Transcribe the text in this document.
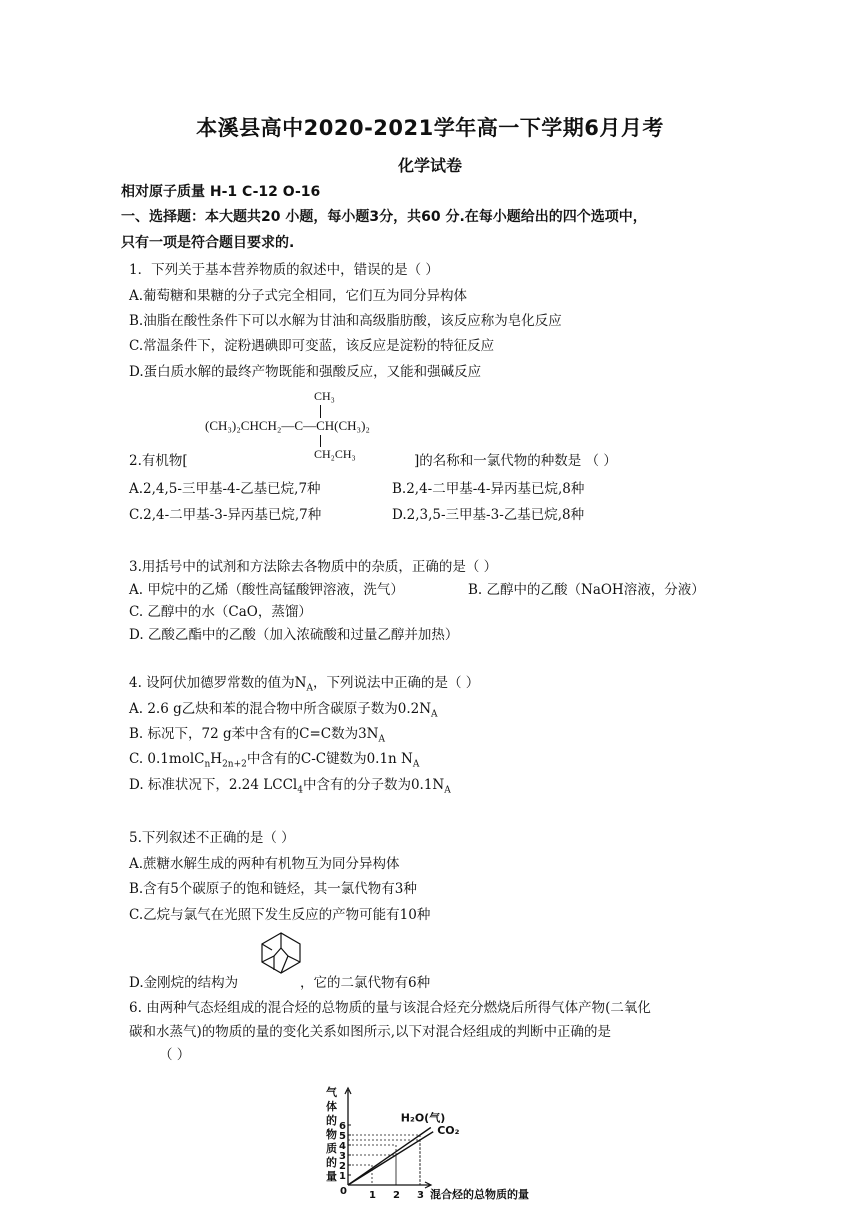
本溪县高中2020-2021学年高一下学期6月月考
化学试卷
相对原子质量 H-1 C-12 O-16
一、选择题：本大题共20 小题，每小题3分，共60 分.在每小题给出的四个选项中，
只有一项是符合题目要求的.
1．下列关于基本营养物质的叙述中，错误的是（ ）
A.葡萄糖和果糖的分子式完全相同，它们互为同分异构体
B.油脂在酸性条件下可以水解为甘油和高级脂肪酸，该反应称为皂化反应
C.常温条件下，淀粉遇碘即可变蓝，该反应是淀粉的特征反应
D.蛋白质水解的最终产物既能和强酸反应，又能和强碱反应
CH₃
(CH₃)₂CHCH₂—C—CH(CH₃)₂
CH₂CH₃
2.有机物[	]的名称和一氯代物的种数是 （ ）
A.2,4,5-三甲基-4-乙基已烷,7种	B.2,4-二甲基-4-异丙基已烷,8种
C.2,4-二甲基-3-异丙基已烷,7种	D.2,3,5-三甲基-3-乙基已烷,8种
3.用括号中的试剂和方法除去各物质中的杂质，正确的是（ ）
A. 甲烷中的乙烯（酸性高锰酸钾溶液，洗气）	B. 乙醇中的乙酸（NaOH溶液，分液）
C. 乙醇中的水（CaO，蒸馏）
D. 乙酸乙酯中的乙酸（加入浓硫酸和过量乙醇并加热）
4. 设阿伏加德罗常数的值为$N_A$，下列说法中正确的是（ ）
A. 2.6 g乙炔和苯的混合物中所含碳原子数为$0.2N_A$
B. 标况下，72 g苯中含有的C=C数为$3N_A$
C. $0.1molC_nH_{2n+2}$中含有的C-C键数为0.1n $N_A$
D. 标准状况下，2.24 LCCl$_4$中含有的分子数为$0.1N_A$
5.下列叙述不正确的是（ ）
A.蔗糖水解生成的两种有机物互为同分异构体
B.含有5个碳原子的饱和链烃，其一氯代物有3种
C.乙烷与氯气在光照下发生反应的产物可能有10种
D.金刚烷的结构为	，它的二氯代物有6种
6. 由两种气态烃组成的混合烃的总物质的量与该混合烃充分燃烧后所得气体产物(二氧化
碳和水蒸气)的物质的量的变化关系如图所示,以下对混合烃组成的判断中正确的是
（ ）
气体的物质的量
混合烃的总物质的量
1
2
3
4
5
6
1 2 3
0
H₂O(气)
CO₂
